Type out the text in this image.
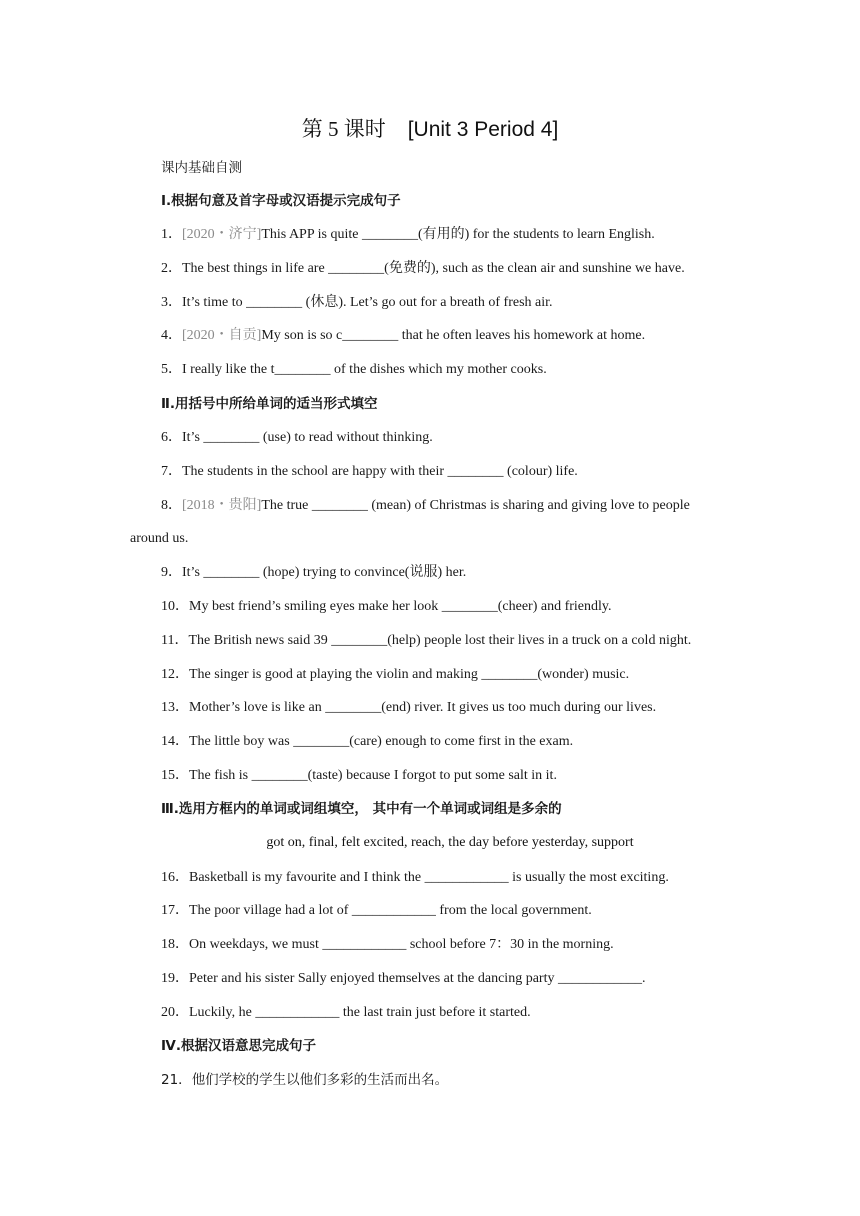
第 5 课时 [Unit 3 Period 4]
课内基础自测
Ⅰ.根据句意及首字母或汉语提示完成句子
1．[2020・济宁]This APP is quite ________(有用的) for the students to learn English.
2．The best things in life are ________(免费的), such as the clean air and sunshine we have.
3．It’s time to ________ (休息). Let’s go out for a breath of fresh air.
4．[2020・自贡]My son is so c________ that he often leaves his homework at home.
5．I really like the t________ of the dishes which my mother cooks.
Ⅱ.用括号中所给单词的适当形式填空
6．It’s ________ (use) to read without thinking.
7．The students in the school are happy with their ________ (colour) life.
8．[2018・贵阳]The true ________ (mean) of Christmas is sharing and giving love to people
around us.
9．It’s ________ (hope) trying to convince(说服) her.
10．My best friend’s smiling eyes make her look ________(cheer) and friendly.
11．The British news said 39 ________(help) people lost their lives in a truck on a cold night.
12．The singer is good at playing the violin and making ________(wonder) music.
13．Mother’s love is like an ________(end) river. It gives us too much during our lives.
14．The little boy was ________(care) enough to come first in the exam.
15．The fish is ________(taste) because I forgot to put some salt in it.
Ⅲ.选用方框内的单词或词组填空， 其中有一个单词或词组是多余的
got on, final, felt excited, reach, the day before yesterday, support
16．Basketball is my favourite and I think the ____________ is usually the most exciting.
17．The poor village had a lot of ____________ from the local government.
18．On weekdays, we must ____________ school before 7：30 in the morning.
19．Peter and his sister Sally enjoyed themselves at the dancing party ____________.
20．Luckily, he ____________ the last train just before it started.
Ⅳ.根据汉语意思完成句子
21．他们学校的学生以他们多彩的生活而出名。
